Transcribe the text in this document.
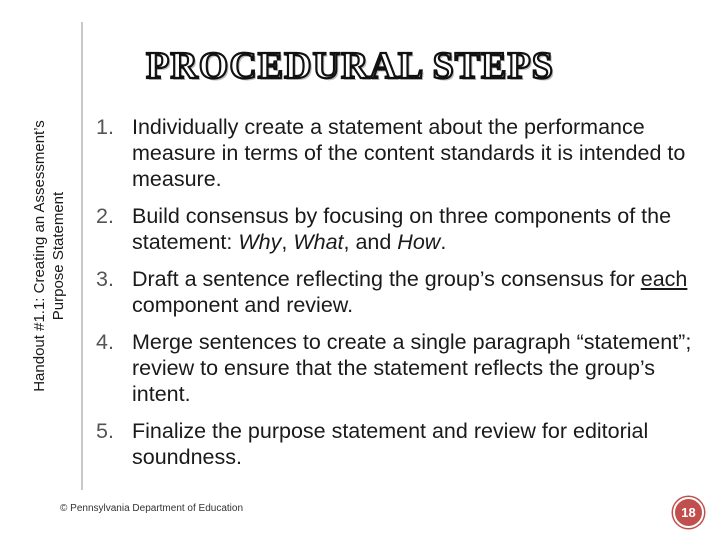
PROCEDURAL STEPS
Handout #1.1: Creating an Assessment’s Purpose Statement
1. Individually create a statement about the performance measure in terms of the content standards it is intended to measure.
2. Build consensus by focusing on three components of the statement: Why, What, and How.
3. Draft a sentence reflecting the group’s consensus for each component and review.
4. Merge sentences to create a single paragraph “statement”; review to ensure that the statement reflects the group’s intent.
5. Finalize the purpose statement and review for editorial soundness.
© Pennsylvania Department of Education	18
